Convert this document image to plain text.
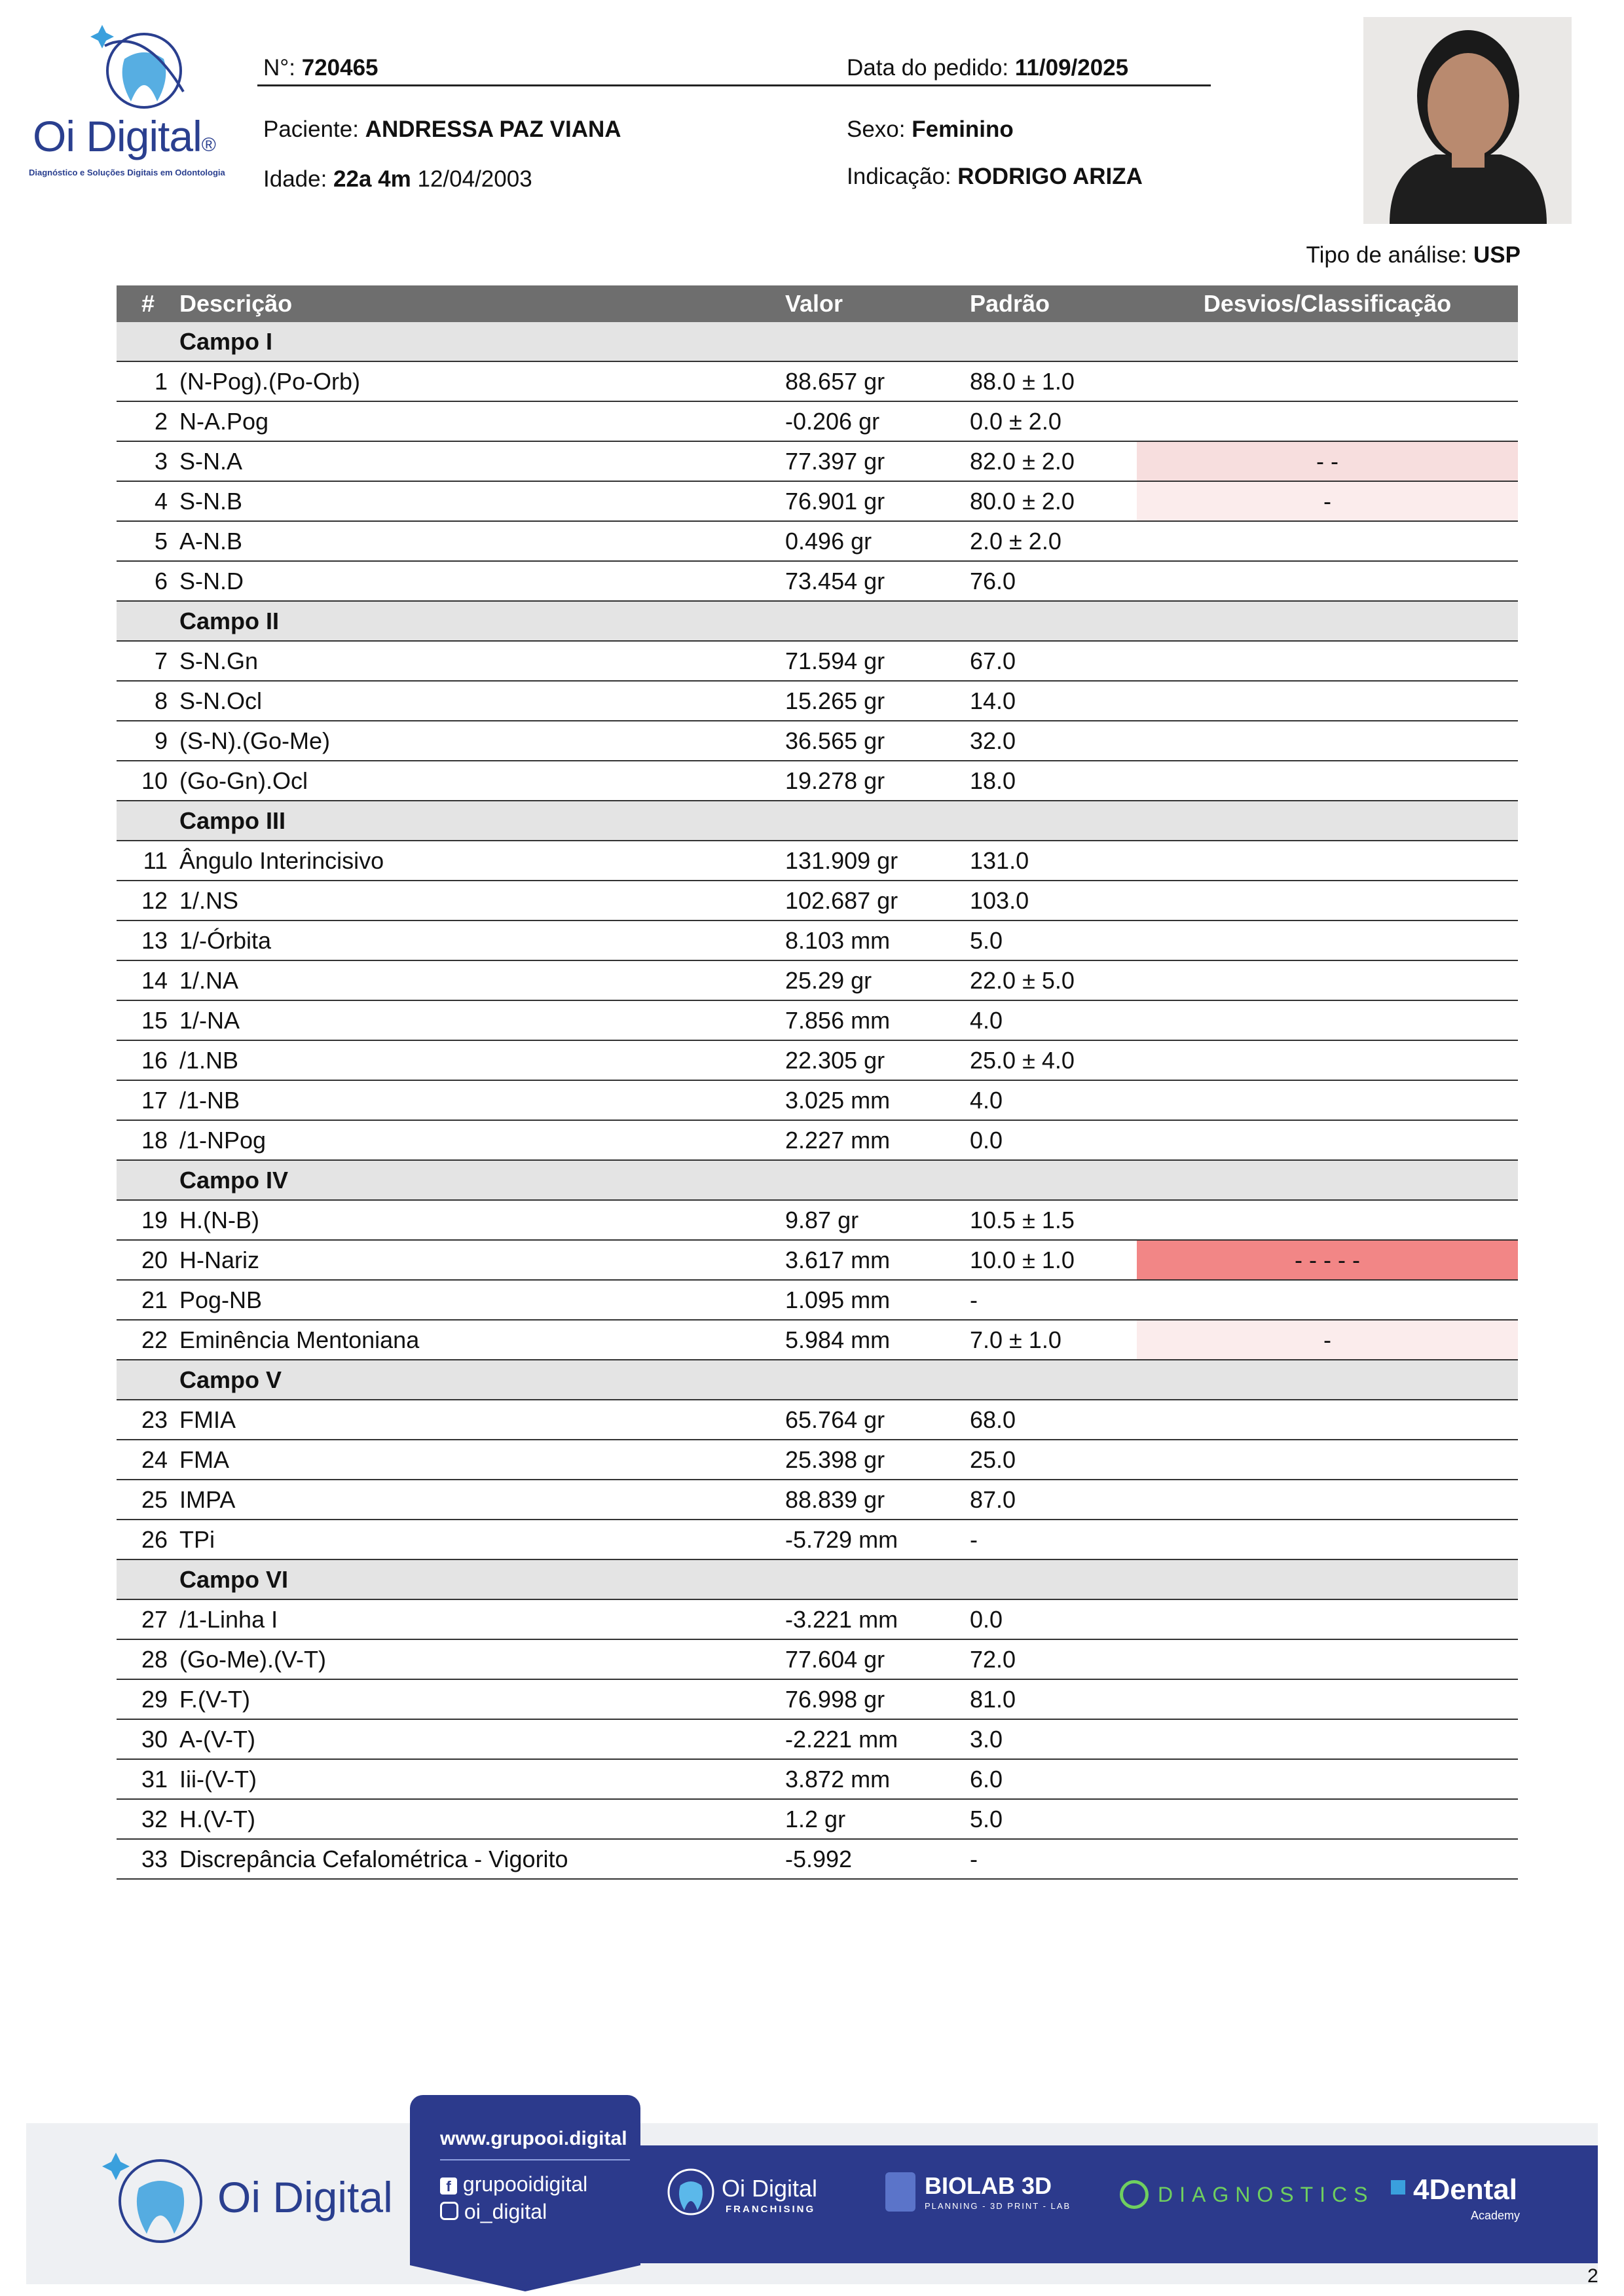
Oi Digital®
Diagnóstico e Soluções Digitais em Odontologia
N°: 720465	Data do pedido: 11/09/2025
Paciente: ANDRESSA PAZ VIANA	Sexo: Feminino
Idade: 22a 4m 12/04/2003	Indicação: RODRIGO ARIZA
Tipo de análise: USP
#	Descrição	Valor	Padrão	Desvios/Classificação
	Campo I			
1	(N-Pog).(Po-Orb)	88.657 gr	88.0 ± 1.0	
2	N-A.Pog	-0.206 gr	0.0 ± 2.0	
3	S-N.A	77.397 gr	82.0 ± 2.0	- -
4	S-N.B	76.901 gr	80.0 ± 2.0	-
5	A-N.B	0.496 gr	2.0 ± 2.0	
6	S-N.D	73.454 gr	76.0	
	Campo II			
7	S-N.Gn	71.594 gr	67.0	
8	S-N.Ocl	15.265 gr	14.0	
9	(S-N).(Go-Me)	36.565 gr	32.0	
10	(Go-Gn).Ocl	19.278 gr	18.0	
	Campo III			
11	Ângulo Interincisivo	131.909 gr	131.0	
12	1/.NS	102.687 gr	103.0	
13	1/-Órbita	8.103 mm	5.0	
14	1/.NA	25.29 gr	22.0 ± 5.0	
15	1/-NA	7.856 mm	4.0	
16	/1.NB	22.305 gr	25.0 ± 4.0	
17	/1-NB	3.025 mm	4.0	
18	/1-NPog	2.227 mm	0.0	
	Campo IV			
19	H.(N-B)	9.87 gr	10.5 ± 1.5	
20	H-Nariz	3.617 mm	10.0 ± 1.0	- - - - -
21	Pog-NB	1.095 mm	-	
22	Eminência Mentoniana	5.984 mm	7.0 ± 1.0	-
	Campo V			
23	FMIA	65.764 gr	68.0	
24	FMA	25.398 gr	25.0	
25	IMPA	88.839 gr	87.0	
26	TPi	-5.729 mm	-	
	Campo VI			
27	/1-Linha I	-3.221 mm	0.0	
28	(Go-Me).(V-T)	77.604 gr	72.0	
29	F.(V-T)	76.998 gr	81.0	
30	A-(V-T)	-2.221 mm	3.0	
31	Iii-(V-T)	3.872 mm	6.0	
32	H.(V-T)	1.2 gr	5.0	
33	Discrepância Cefalométrica - Vigorito	-5.992	-	
Oi Digital
www.grupooi.digital
f grupooidigital
oi_digital
Oi Digital
FRANCHISING
BIOLAB 3D
PLANNING - 3D PRINT - LAB	DIAGNOSTICS 4Dental
Academy
2
